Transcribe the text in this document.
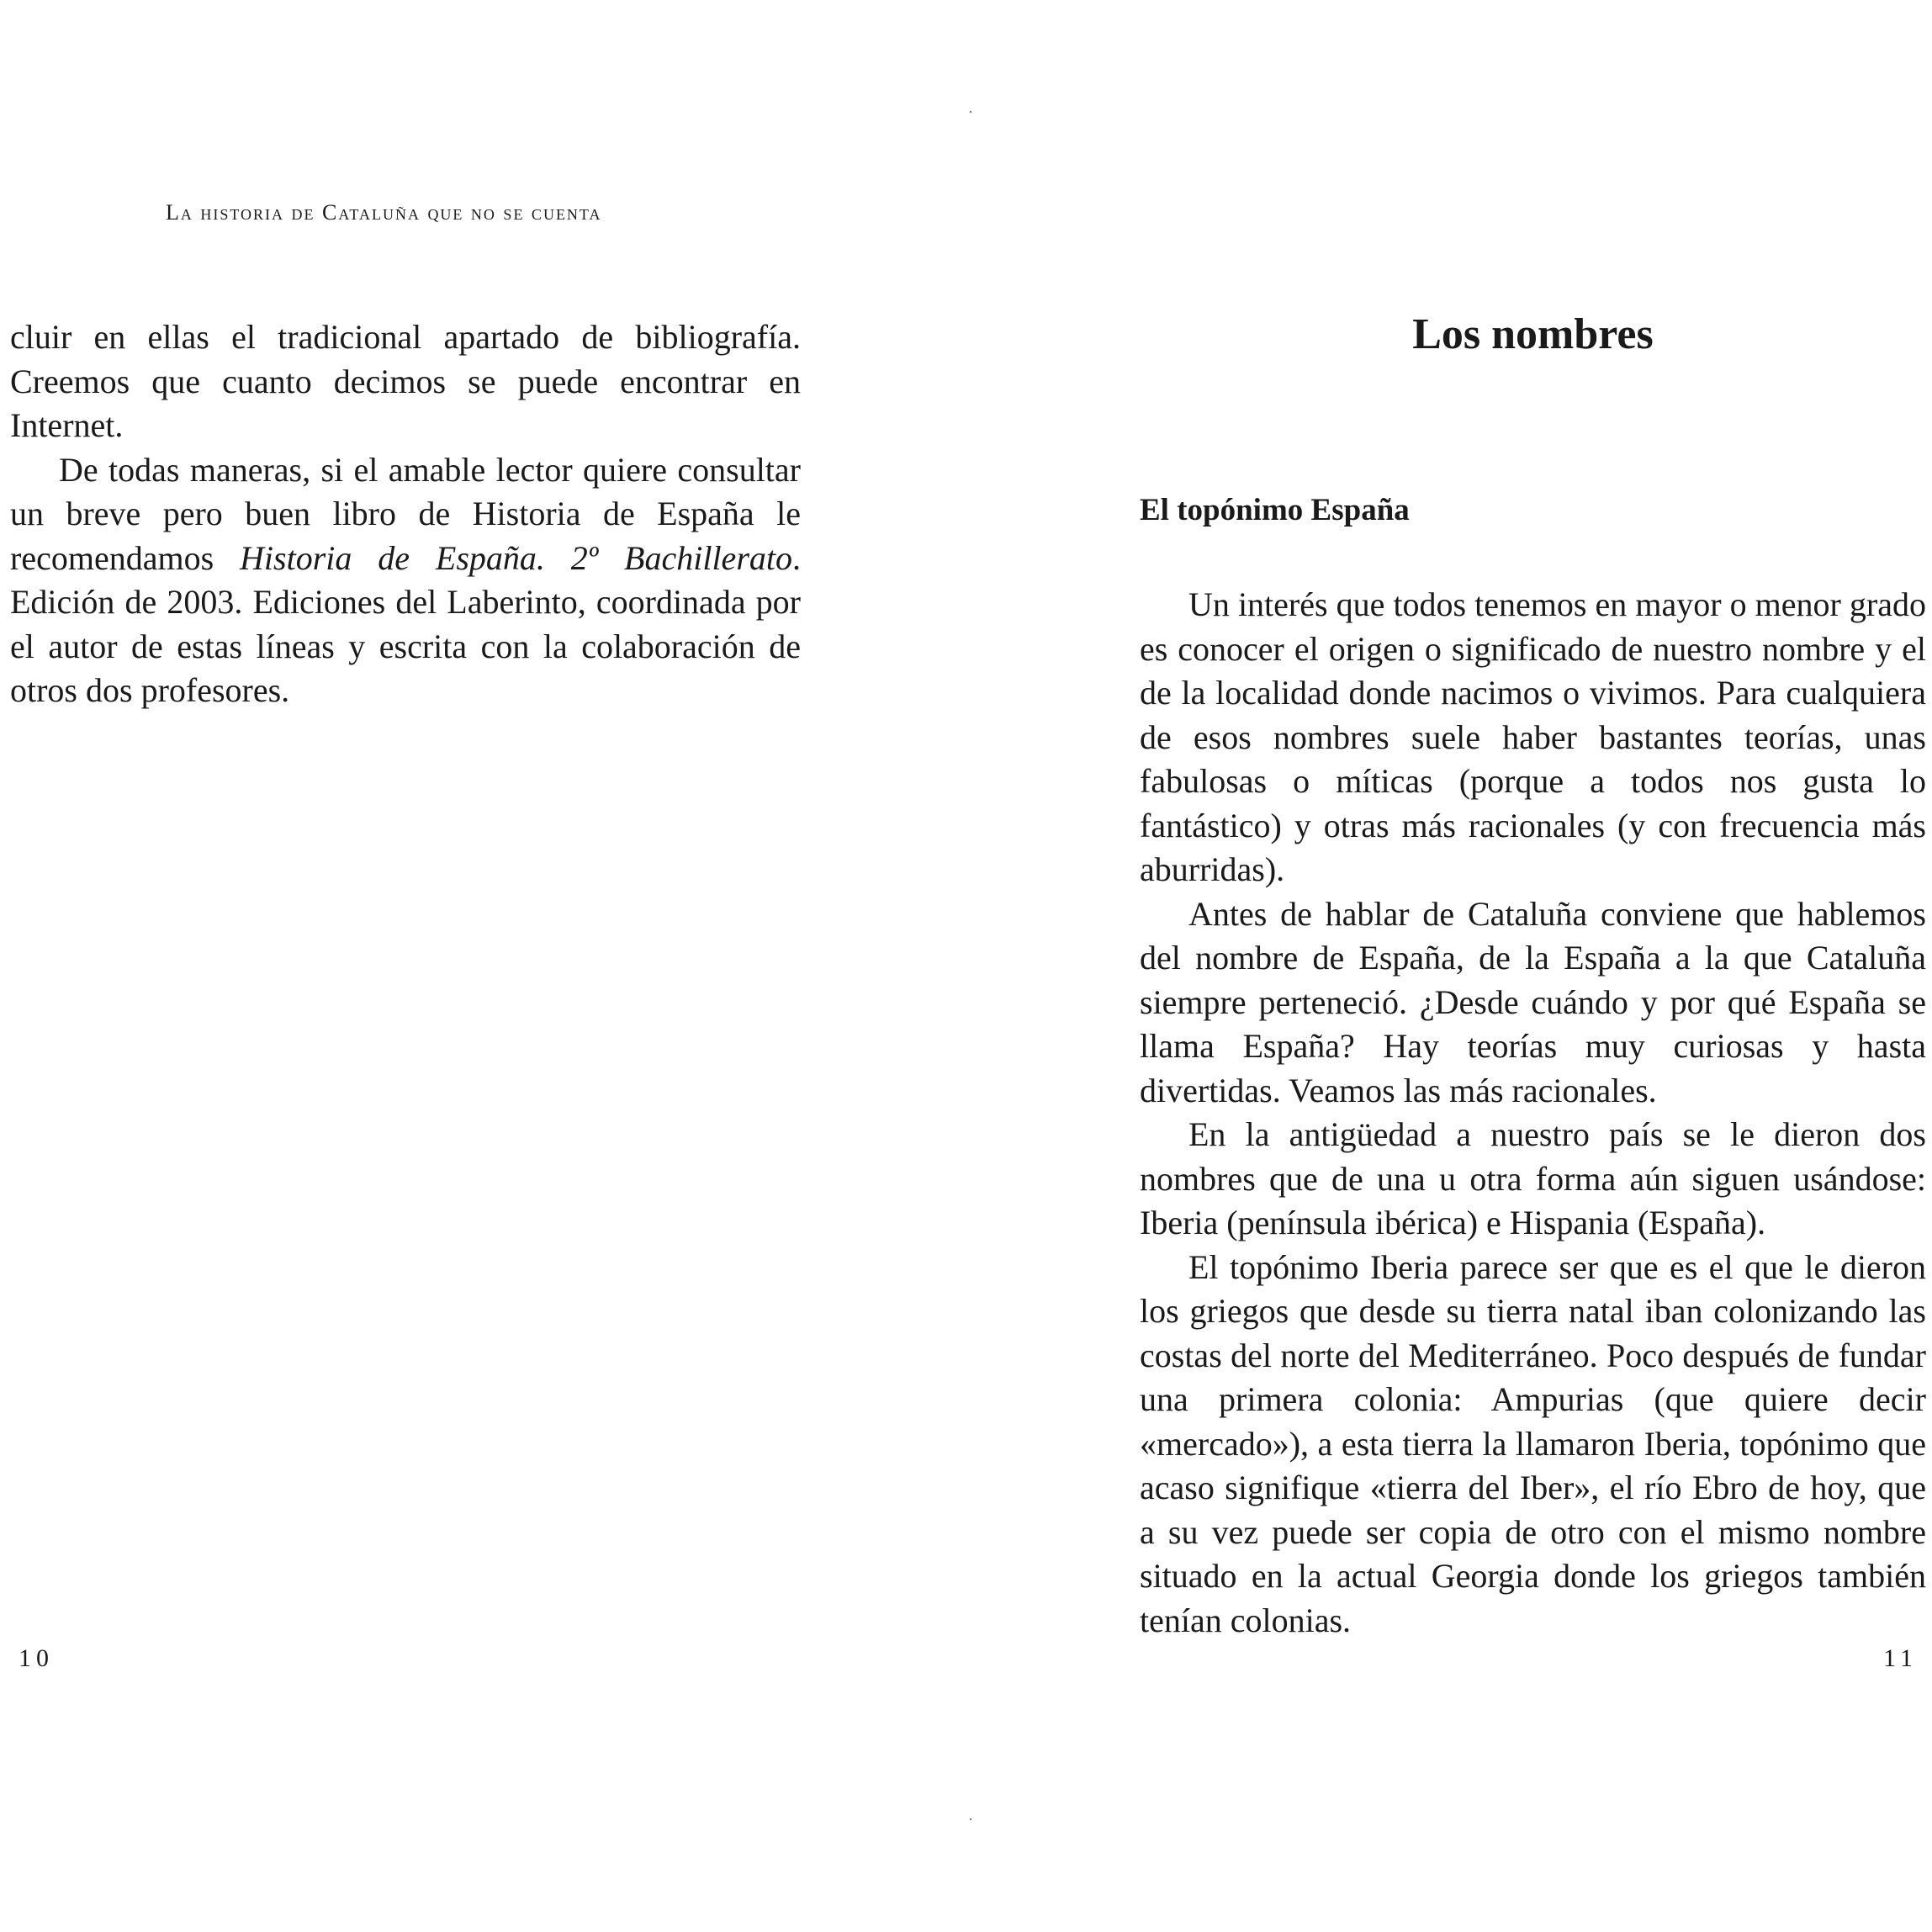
La historia de Cataluña que no se cuenta

cluir en ellas el tradicional apartado de bibliografía. Creemos que cuanto decimos se puede encontrar en Internet.

De todas maneras, si el amable lector quiere consultar un breve pero buen libro de Historia de España le recomendamos Historia de España. 2º Bachillerato. Edición de 2003. Ediciones del Laberinto, coordinada por el autor de estas líneas y escrita con la colaboración de otros dos profesores.

10
Los nombres
El topónimo España

Un interés que todos tenemos en mayor o menor grado es conocer el origen o significado de nuestro nombre y el de la localidad donde nacimos o vivimos. Para cualquiera de esos nombres suele haber bastantes teorías, unas fabulosas o míticas (porque a todos nos gusta lo fantástico) y otras más racionales (y con frecuencia más aburridas).

Antes de hablar de Cataluña conviene que hablemos del nombre de España, de la España a la que Cataluña siempre perteneció. ¿Desde cuándo y por qué España se llama España? Hay teorías muy curiosas y hasta divertidas. Veamos las más racionales.

En la antigüedad a nuestro país se le dieron dos nombres que de una u otra forma aún siguen usándose: Iberia (península ibérica) e Hispania (España).

El topónimo Iberia parece ser que es el que le dieron los griegos que desde su tierra natal iban colonizando las costas del norte del Mediterráneo. Poco después de fundar una primera colonia: Ampurias (que quiere decir «mercado»), a esta tierra la llamaron Iberia, topónimo que acaso signifique «tierra del Iber», el río Ebro de hoy, que a su vez puede ser copia de otro con el mismo nombre situado en la actual Georgia donde los griegos también tenían colonias.

11
